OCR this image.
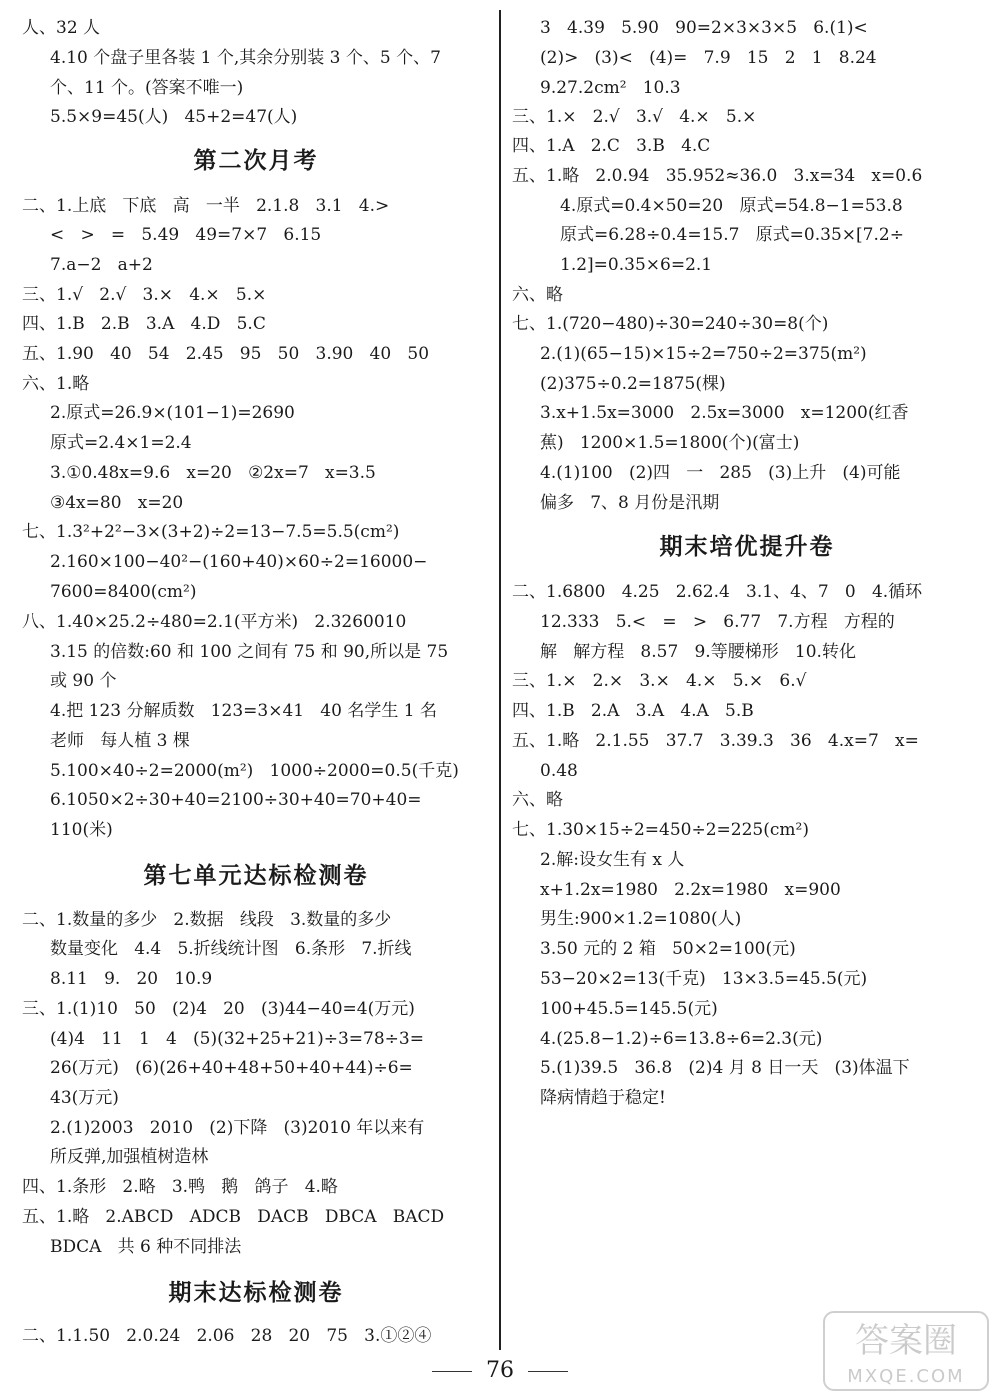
人、32 人
4.10 个盘子里各装 1 个,其余分别装 3 个、5 个、7
个、11 个。(答案不唯一)
5.5×9=45(人)   45+2=47(人)
第二次月考
二、1.上底   下底   高   一半   2.1.8   3.1   4.>
<   >   =   5.49   49=7×7   6.15
7.a−2   a+2
三、1.√   2.√   3.×   4.×   5.×
四、1.B   2.B   3.A   4.D   5.C
五、1.90   40   54   2.45   95   50   3.90   40   50
六、1.略
2.原式=26.9×(101−1)=2690
原式=2.4×1=2.4
3.①0.48x=9.6   x=20   ②2x=7   x=3.5
③4x=80   x=20
七、1.3²+2²−3×(3+2)÷2=13−7.5=5.5(cm²)
2.160×100−40²−(160+40)×60÷2=16000−
7600=8400(cm²)
八、1.40×25.2÷480=2.1(平方米)   2.3260010
3.15 的倍数:60 和 100 之间有 75 和 90,所以是 75
或 90 个
4.把 123 分解质数   123=3×41   40 名学生 1 名
老师   每人植 3 棵
5.100×40÷2=2000(m²)   1000÷2000=0.5(千克)
6.1050×2÷30+40=2100÷30+40=70+40=
110(米)
第七单元达标检测卷
二、1.数量的多少   2.数据   线段   3.数量的多少
数量变化   4.4   5.折线统计图   6.条形   7.折线
8.11   9.   20   10.9
三、1.(1)10   50   (2)4   20   (3)44−40=4(万元)
(4)4   11   1   4   (5)(32+25+21)÷3=78÷3=
26(万元)   (6)(26+40+48+50+40+44)÷6=
43(万元)
2.(1)2003   2010   (2)下降   (3)2010 年以来有
所反弹,加强植树造林
四、1.条形   2.略   3.鸭   鹅   鸽子   4.略
五、1.略   2.ABCD   ADCB   DACB   DBCA   BACD
BDCA   共 6 种不同排法
期末达标检测卷
二、1.1.50   2.0.24   2.06   28   20   75   3.①②④
3   4.39   5.90   90=2×3×3×5   6.(1)<
(2)>   (3)<   (4)=   7.9   15   2   1   8.24
9.27.2cm²   10.3
三、1.×   2.√   3.√   4.×   5.×
四、1.A   2.C   3.B   4.C
五、1.略   2.0.94   35.952≈36.0   3.x=34   x=0.6
4.原式=0.4×50=20   原式=54.8−1=53.8
原式=6.28÷0.4=15.7   原式=0.35×[7.2÷
1.2]=0.35×6=2.1
六、略
七、1.(720−480)÷30=240÷30=8(个)
2.(1)(65−15)×15÷2=750÷2=375(m²)
(2)375÷0.2=1875(棵)
3.x+1.5x=3000   2.5x=3000   x=1200(红香
蕉)   1200×1.5=1800(个)(富士)
4.(1)100   (2)四   一   285   (3)上升   (4)可能
偏多   7、8 月份是汛期
期末培优提升卷
二、1.6800   4.25   2.62.4   3.1、4、7   0   4.循环
12.333   5.<   =   >   6.77   7.方程   方程的
解   解方程   8.57   9.等腰梯形   10.转化
三、1.×   2.×   3.×   4.×   5.×   6.√
四、1.B   2.A   3.A   4.A   5.B
五、1.略   2.1.55   37.7   3.39.3   36   4.x=7   x=
0.48
六、略
七、1.30×15÷2=450÷2=225(cm²)
2.解:设女生有 x 人
x+1.2x=1980   2.2x=1980   x=900
男生:900×1.2=1080(人)
3.50 元的 2 箱   50×2=100(元)
53−20×2=13(千克)   13×3.5=45.5(元)
100+45.5=145.5(元)
4.(25.8−1.2)÷6=13.8÷6=2.3(元)
5.(1)39.5   36.8   (2)4 月 8 日一天   (3)体温下
降病情趋于稳定!
76
答案圈
MXQE.COM
